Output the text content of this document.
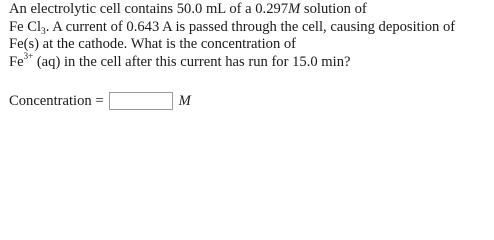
An electrolytic cell contains 50.0 mL of a 0.297M solution of
Fe $Cl_3$. A current of 0.643 A is passed through the cell, causing deposition of
Fe(s) at the cathode. What is the concentration of
$Fe^{3+}$ (aq) in the cell after this current has run for 15.0 min?
Concentration =	M
